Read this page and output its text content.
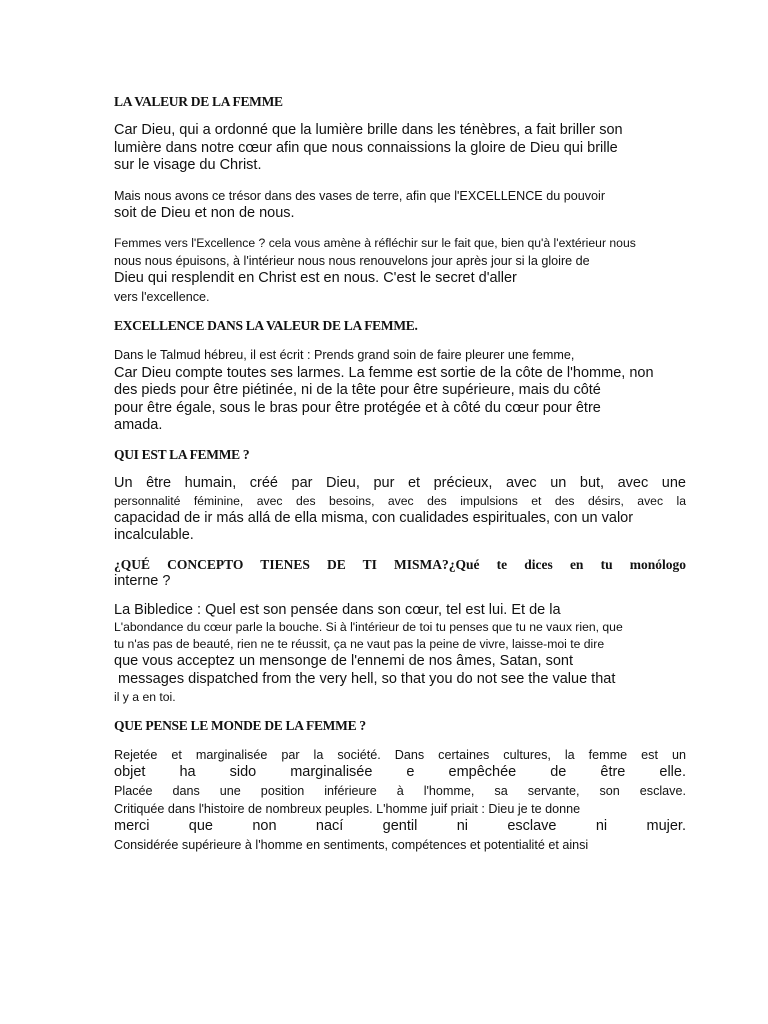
LA VALEUR DE LA FEMME
Car Dieu, qui a ordonné que la lumière brille dans les ténèbres, a fait briller son
lumière dans notre cœur afin que nous connaissions la gloire de Dieu qui brille
sur le visage du Christ.
Mais nous avons ce trésor dans des vases de terre, afin que l'EXCELLENCE du pouvoir
soit de Dieu et non de nous.
Femmes vers l'Excellence ? cela vous amène à réfléchir sur le fait que, bien qu'à l'extérieur nous
nous nous épuisons, à l'intérieur nous nous renouvelons jour après jour si la gloire de
Dieu qui resplendit en Christ est en nous. C'est le secret d'aller
vers l'excellence.
EXCELLENCE DANS LA VALEUR DE LA FEMME.
Dans le Talmud hébreu, il est écrit : Prends grand soin de faire pleurer une femme,
Car Dieu compte toutes ses larmes. La femme est sortie de la côte de l'homme, non
des pieds pour être piétinée, ni de la tête pour être supérieure, mais du côté
pour être égale, sous le bras pour être protégée et à côté du cœur pour être
amada.
QUI EST LA FEMME ?
Un être humain, créé par Dieu, pur et précieux, avec un but, avec une
personnalité féminine, avec des besoins, avec des impulsions et des désirs, avec la
capacidad de ir más allá de ella misma, con cualidades espirituales, con un valor
incalculable.
¿QUÉ CONCEPTO TIENES DE TI MISMA?¿Qué te dices en tu monólogo
interne ?
La Bibledice : Quel est son pensée dans son cœur, tel est lui. Et de la
L'abondance du cœur parle la bouche. Si à l'intérieur de toi tu penses que tu ne vaux rien, que
tu n'as pas de beauté, rien ne te réussit, ça ne vaut pas la peine de vivre, laisse-moi te dire
que vous acceptez un mensonge de l'ennemi de nos âmes, Satan, sont
messages dispatched from the very hell, so that you do not see the value that
il y a en toi.
QUE PENSE LE MONDE DE LA FEMME ?
Rejetée et marginalisée par la société. Dans certaines cultures, la femme est un
objet ha sido marginalisée e empêchée de être elle.
Placée dans une position inférieure à l'homme, sa servante, son esclave.
Critiquée dans l'histoire de nombreux peuples. L'homme juif priait : Dieu je te donne
merci que non nací gentil ni esclave ni mujer.
Considérée supérieure à l'homme en sentiments, compétences et potentialité et ainsi
